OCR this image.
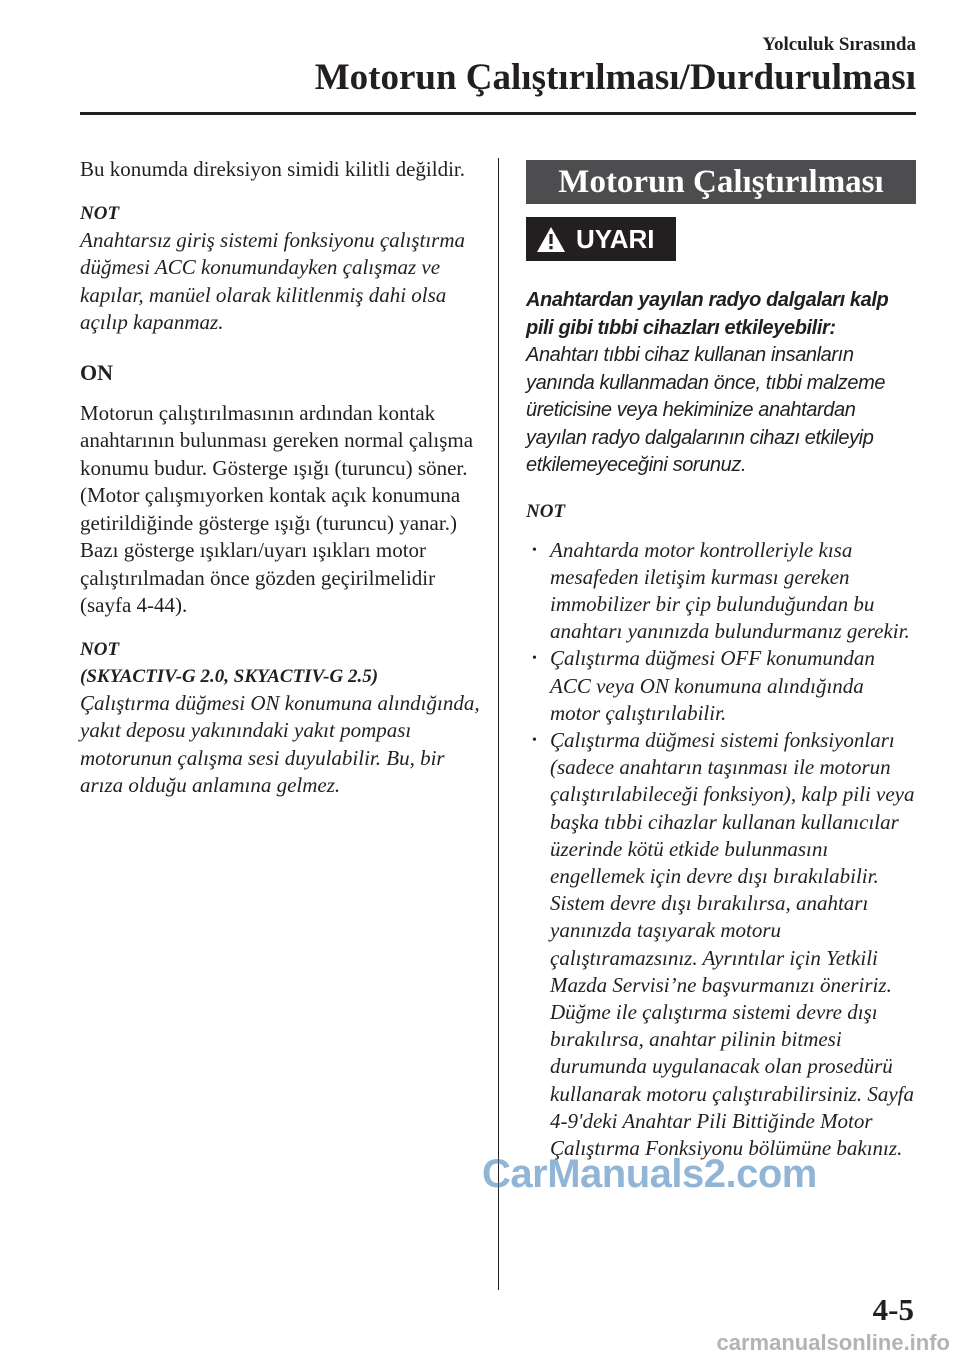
Yolculuk Sırasında
Motorun Çalıştırılması/Durdurulması

Bu konumda direksiyon simidi kilitli değildir.

NOT

Anahtarsız giriş sistemi fonksiyonu çalıştırma düğmesi ACC konumundayken çalışmaz ve kapılar, manüel olarak kilitlenmiş dahi olsa açılıp kapanmaz.

ON

Motorun çalıştırılmasının ardından kontak anahtarının bulunması gereken normal çalışma konumu budur. Gösterge ışığı (turuncu) söner. (Motor çalışmıyorken kontak açık konumuna getirildiğinde gösterge ışığı (turuncu) yanar.)

Bazı gösterge ışıkları/uyarı ışıkları motor çalıştırılmadan önce gözden geçirilmelidir (sayfa 4-44).

NOT

(SKYACTIV-G 2.0, SKYACTIV-G 2.5)

Çalıştırma düğmesi ON konumuna alındığında, yakıt deposu yakınındaki yakıt pompası motorunun çalışma sesi duyulabilir. Bu, bir arıza olduğu anlamına gelmez.

Motorun Çalıştırılması
UYARI

Anahtardan yayılan radyo dalgaları kalp pili gibi tıbbi cihazları etkileyebilir:

Anahtarı tıbbi cihaz kullanan insanların yanında kullanmadan önce, tıbbi malzeme üreticisine veya hekiminize anahtardan yayılan radyo dalgalarının cihazı etkileyip etkilemeyeceğini sorunuz.

NOT

• Anahtarda motor kontrolleriyle kısa mesafeden iletişim kurması gereken immobilizer bir çip bulunduğundan bu anahtarı yanınızda bulundurmanız gerekir.
• Çalıştırma düğmesi OFF konumundan ACC veya ON konumuna alındığında motor çalıştırılabilir.
• Çalıştırma düğmesi sistemi fonksiyonları (sadece anahtarın taşınması ile motorun çalıştırılabileceği fonksiyon), kalp pili veya başka tıbbi cihazlar kullanan kullanıcılar üzerinde kötü etkide bulunmasını engellemek için devre dışı bırakılabilir. Sistem devre dışı bırakılırsa, anahtarı yanınızda taşıyarak motoru çalıştıramazsınız. Ayrıntılar için Yetkili Mazda Servisi’ne başvurmanızı öneririz. Düğme ile çalıştırma sistemi devre dışı bırakılırsa, anahtar pilinin bitmesi durumunda uygulanacak olan prosedürü kullanarak motoru çalıştırabilirsiniz. Sayfa 4-9'deki Anahtar Pili Bittiğinde Motor Çalıştırma Fonksiyonu bölümüne bakınız.
4-5
CarManuals2.com
carmanualsonline.info
